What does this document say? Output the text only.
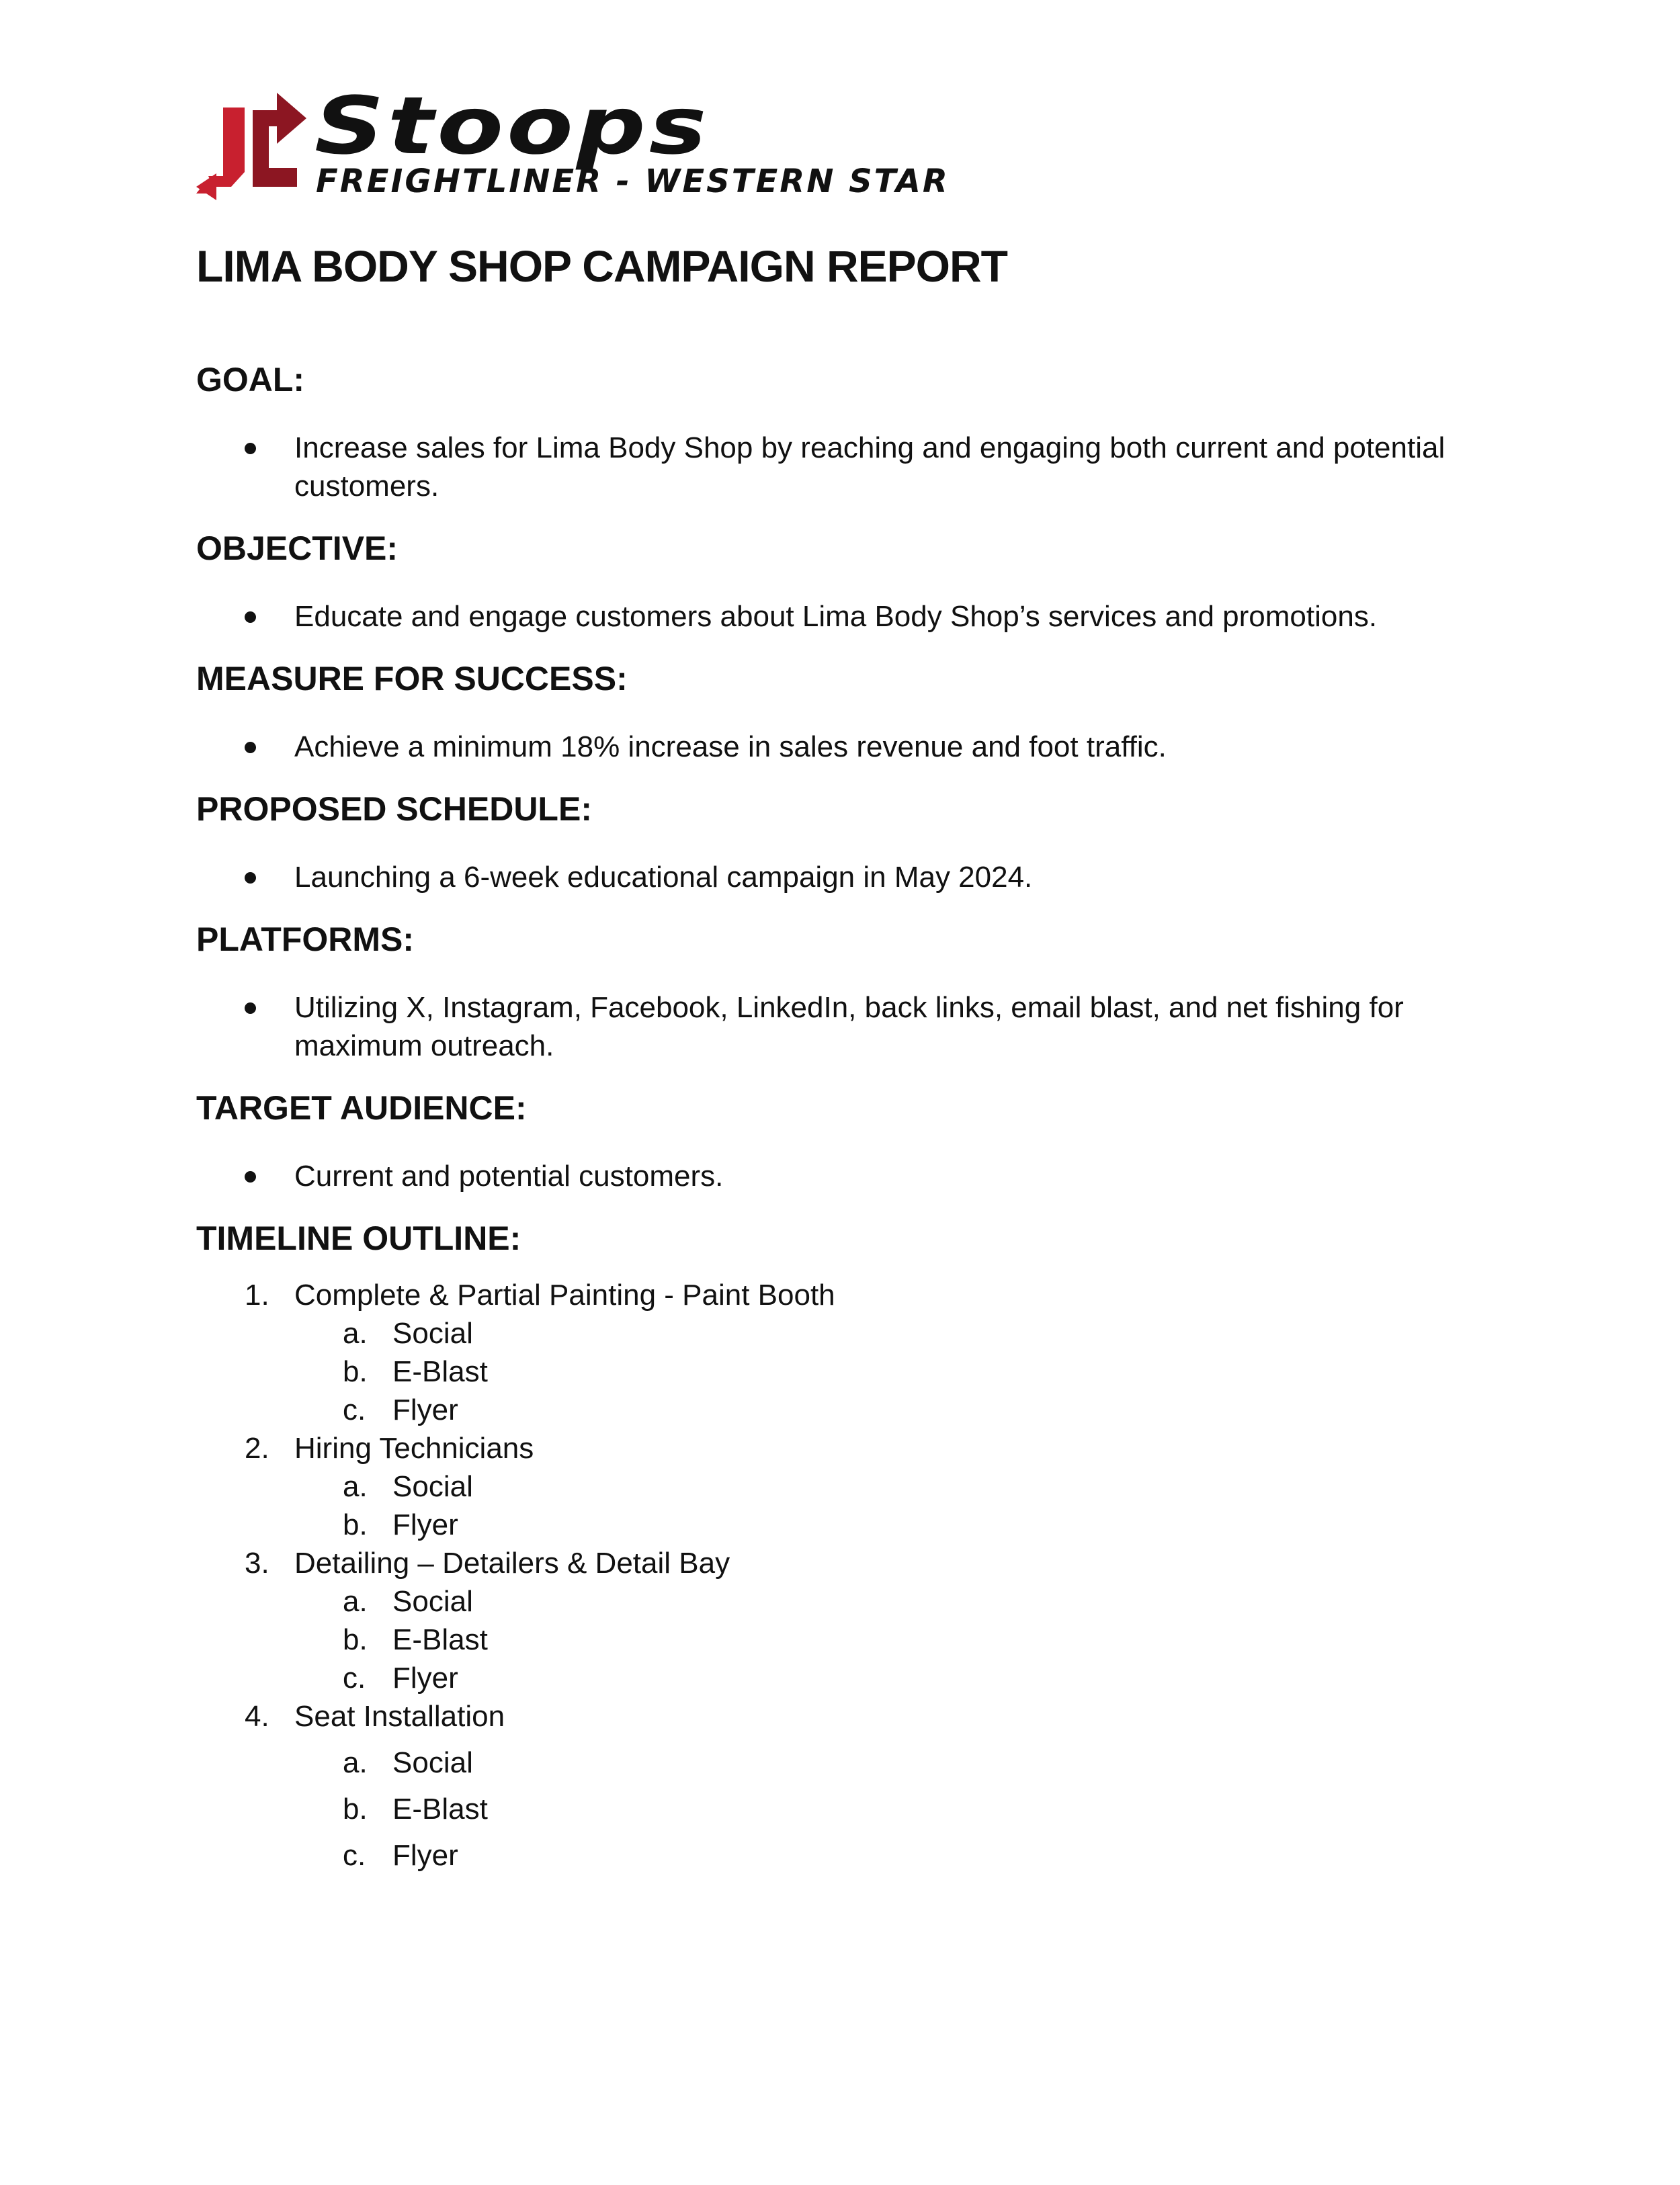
Stoops
FREIGHTLINER - WESTERN STAR
LIMA BODY SHOP CAMPAIGN REPORT
GOAL:
Increase sales for Lima Body Shop by reaching and engaging both current and potential customers.
OBJECTIVE:
Educate and engage customers about Lima Body Shop’s services and promotions.
MEASURE FOR SUCCESS:
Achieve a minimum 18% increase in sales revenue and foot traffic.
PROPOSED SCHEDULE:
Launching a 6-week educational campaign in May 2024.
PLATFORMS:
Utilizing X, Instagram, Facebook, LinkedIn, back links, email blast, and net fishing for maximum outreach.
TARGET AUDIENCE:
Current and potential customers.
TIMELINE OUTLINE:
1. Complete & Partial Painting - Paint Booth
a. Social
b. E-Blast
c. Flyer
2. Hiring Technicians
a. Social
b. Flyer
3. Detailing – Detailers & Detail Bay
a. Social
b. E-Blast
c. Flyer
4. Seat Installation
a. Social
b. E-Blast
c. Flyer
